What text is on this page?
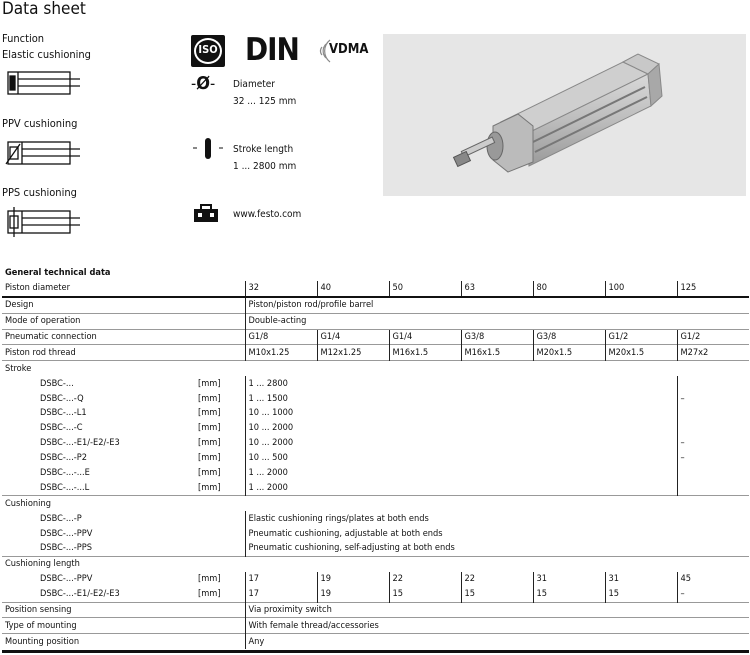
Data sheet
Function
Elastic cushioning
PPV cushioning
PPS cushioning
ISO DIN VDMA
-Ø- Diameter
32 ... 125 mm
Stroke length
1 ... 2800 mm
www.festo.com
General technical data									
Piston diameter			32	40	50	63	80	100	125
Design			Piston/piston rod/profile barrel						
Mode of operation			Double-acting						
Pneumatic connection			G1/8	G1/4	G1/4	G3/8	G3/8	G1/2	G1/2
Piston rod thread			M10x1.25	M12x1.25	M16x1.5	M16x1.5	M20x1.5	M20x1.5	M27x2
Stroke									
	DSBC-...	[mm]	1 ... 2800						
	DSBC-...-Q	[mm]	1 ... 1500						–
	DSBC-...-L1	[mm]	10 ... 1000						
	DSBC-...-C	[mm]	10 ... 2000						
	DSBC-...-E1/-E2/-E3	[mm]	10 ... 2000						–
	DSBC-...-P2	[mm]	10 ... 500						–
	DSBC-...-...E	[mm]	1 ... 2000						
	DSBC-...-...L	[mm]	1 ... 2000						
Cushioning									
	DSBC-...-P		Elastic cushioning rings/plates at both ends						
	DSBC-...-PPV		Pneumatic cushioning, adjustable at both ends						
	DSBC-...-PPS		Pneumatic cushioning, self-adjusting at both ends						
Cushioning length									
	DSBC-...-PPV	[mm]	17	19	22	22	31	31	45
	DSBC-...-E1/-E2/-E3	[mm]	17	19	15	15	15	15	–
Position sensing			Via proximity switch						
Type of mounting			With female thread/accessories						
Mounting position			Any						
